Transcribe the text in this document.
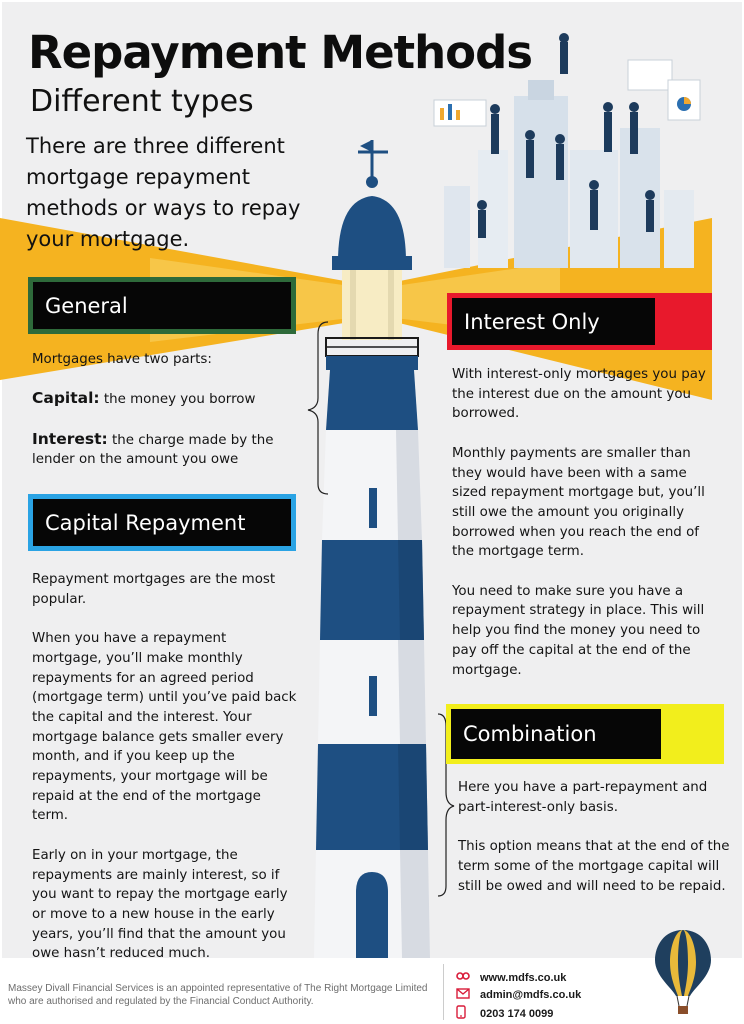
Repayment Methods
Different types
There are three different mortgage repayment methods or ways to repay your mortgage.
General
Mortgages have two parts:
Capital: the money you borrow
Interest: the charge made by the lender on the amount you owe
Capital Repayment
Repayment mortgages are the most popular.
When you have a repayment mortgage, you’ll make monthly repayments for an agreed period (mortgage term) until you’ve paid back the capital and the interest. Your mortgage balance gets smaller every month, and if you keep up the repayments, your mortgage will be repaid at the end of the mortgage term.
Early on in your mortgage, the repayments are mainly interest, so if you want to repay the mortgage early or move to a new house in the early years, you’ll find that the amount you owe hasn’t reduced much.
Interest Only
With interest-only mortgages you pay the interest due on the amount you borrowed.
Monthly payments are smaller than they would have been with a same sized repayment mortgage but, you’ll still owe the amount you originally borrowed when you reach the end of the mortgage term.
You need to make sure you have a repayment strategy in place. This will help you find the money you need to pay off the capital at the end of the mortgage.
Combination
Here you have a part-repayment and part-interest-only basis.
This option means that at the end of the term some of the mortgage capital will still be owed and will need to be repaid.
Massey Divall Financial Services is an appointed representative of The Right Mortgage Limited who are authorised and regulated by the Financial Conduct Authority.
www.mdfs.co.uk
admin@mdfs.co.uk
0203 174 0099
